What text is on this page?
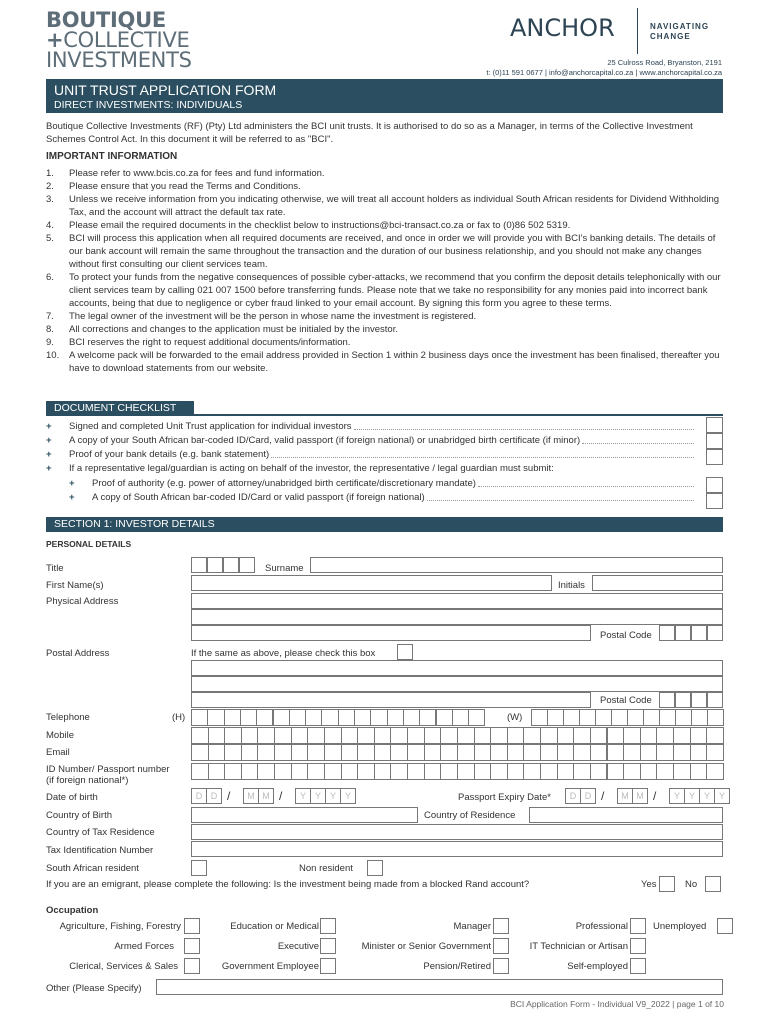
BOUTIQUE
+COLLECTIVE
INVESTMENTS
ANCHOR	NAVIGATING
CHANGE
25 Culross Road, Bryanston, 2191
t: (0)11 591 0677 | info@anchorcapital.co.za | www.anchorcapital.co.za
UNIT TRUST APPLICATION FORM
DIRECT INVESTMENTS: INDIVIDUALS
Boutique Collective Investments (RF) (Pty) Ltd administers the BCI unit trusts. It is authorised to do so as a Manager, in terms of the Collective Investment Schemes Control Act. In this document it will be referred to as "BCI".
IMPORTANT INFORMATION
1.	Please refer to www.bcis.co.za for fees and fund information.
2.	Please ensure that you read the Terms and Conditions.
3.	Unless we receive information from you indicating otherwise, we will treat all account holders as individual South African residents for Dividend Withholding Tax, and the account will attract the default tax rate.
4.	Please email the required documents in the checklist below to instructions@bci-transact.co.za or fax to (0)86 502 5319.
5.	BCI will process this application when all required documents are received, and once in order we will provide you with BCI's banking details. The details of our bank account will remain the same throughout the transaction and the duration of our business relationship, and you should not make any changes without first consulting our client services team.
6.	To protect your funds from the negative consequences of possible cyber-attacks, we recommend that you confirm the deposit details telephonically with our client services team by calling 021 007 1500 before transferring funds. Please note that we take no responsibility for any monies paid into incorrect bank accounts, being that due to negligence or cyber fraud linked to your email account. By signing this form you agree to these terms.
7.	The legal owner of the investment will be the person in whose name the investment is registered.
8.	All corrections and changes to the application must be initialed by the investor.
9.	BCI reserves the right to request additional documents/information.
10.	A welcome pack will be forwarded to the email address provided in Section 1 within 2 business days once the investment has been finalised, thereafter you have to download statements from our website.
DOCUMENT CHECKLIST
+	Signed and completed Unit Trust application for individual investors
+	A copy of your South African bar-coded ID/Card, valid passport (if foreign national) or unabridged birth certificate (if minor)
+	Proof of your bank details (e.g. bank statement)
+	If a representative legal/guardian is acting on behalf of the investor, the representative / legal guardian must submit:
+	Proof of authority (e.g. power of attorney/unabridged birth certificate/discretionary mandate)
+	A copy of South African bar-coded ID/Card or valid passport (if foreign national)
SECTION 1: INVESTOR DETAILS
PERSONAL DETAILS
Title	Surname
First Name(s)	Initials
Physical Address
Postal Code
Postal Address	If the same as above, please check this box
Postal Code
Telephone	(H)	(W)
Mobile
Email
ID Number/ Passport number
(if foreign national*)
Date of birth	D D /	M M /	Y Y Y Y	Passport Expiry Date*	D D /	M M /	Y Y Y Y
Country of Birth	Country of Residence
Country of Tax Residence
Tax Identification Number
South African resident	Non resident
If you are an emigrant, please complete the following: Is the investment being made from a blocked Rand account?	Yes	No
Occupation
Agriculture, Fishing, Forestry	Education or Medical	Manager	Professional	Unemployed
Armed Forces	Executive	Minister or Senior Government	IT Technician or Artisan
Clerical, Services & Sales	Government Employee	Pension/Retired	Self-employed
Other (Please Specify)
BCI Application Form - Individual V9_2022 | page 1 of 10
